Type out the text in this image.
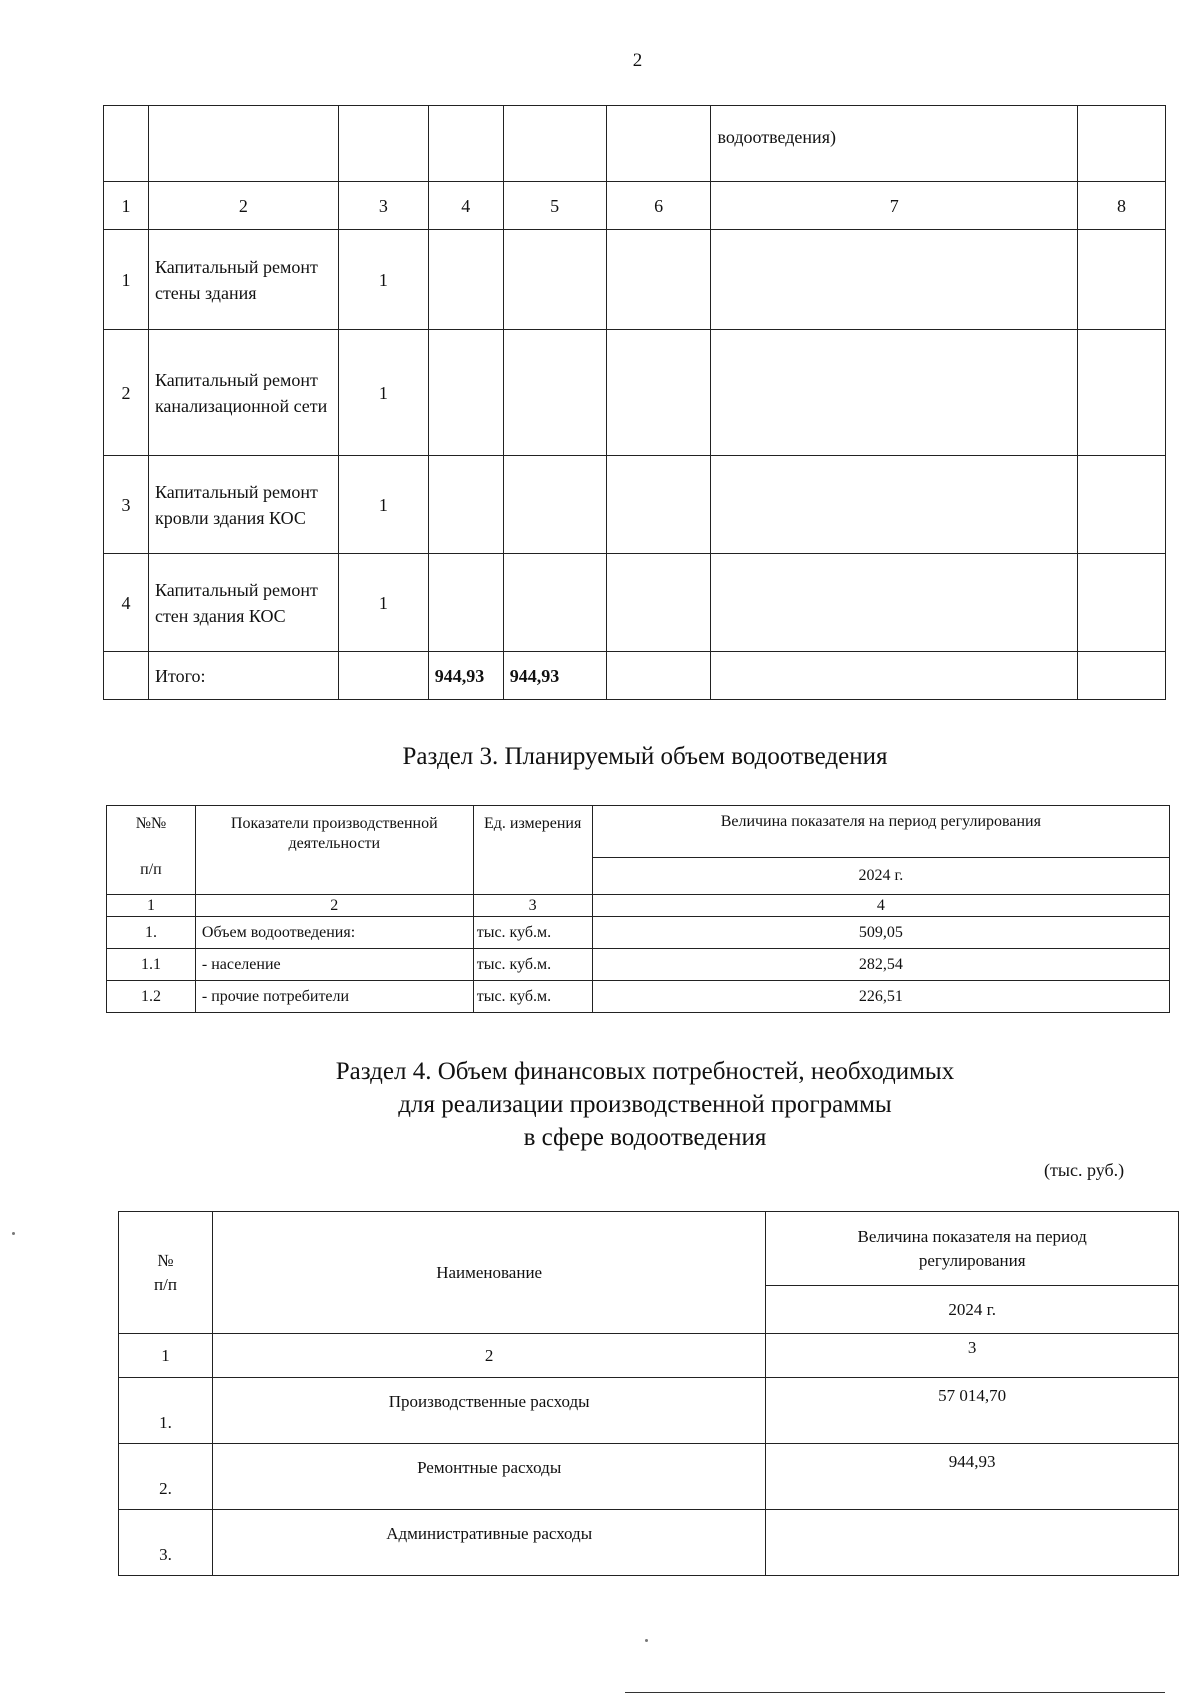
2
						водоотведения)	
1	2	3	4	5	6	7	8
1	Капитальный ремонт стены здания	1					
2	Капитальный ремонт канализационной сети	1					
3	Капитальный ремонт кровли здания КОС	1					
4	Капитальный ремонт стен здания КОС	1					
	Итого:		944,93	944,93			
Раздел 3. Планируемый объем водоотведения
№№
п/п	Показатели производственной деятельности	Ед. измерения	Величина показателя на период регулирования
			2024 г.
1	2	3	4
1.	Объем водоотведения:	тыс. куб.м.	509,05
1.1	- население	тыс. куб.м.	282,54
1.2	- прочие потребители	тыс. куб.м.	226,51
Раздел 4. Объем финансовых потребностей, необходимых
для реализации производственной программы
в сфере водоотведения
(тыс. руб.)
№ п/п	Наименование	Величина показателя на период регулирования
		2024 г.
1	2	3
1.	Производственные расходы	57 014,70
2.	Ремонтные расходы	944,93
3.	Административные расходы	
